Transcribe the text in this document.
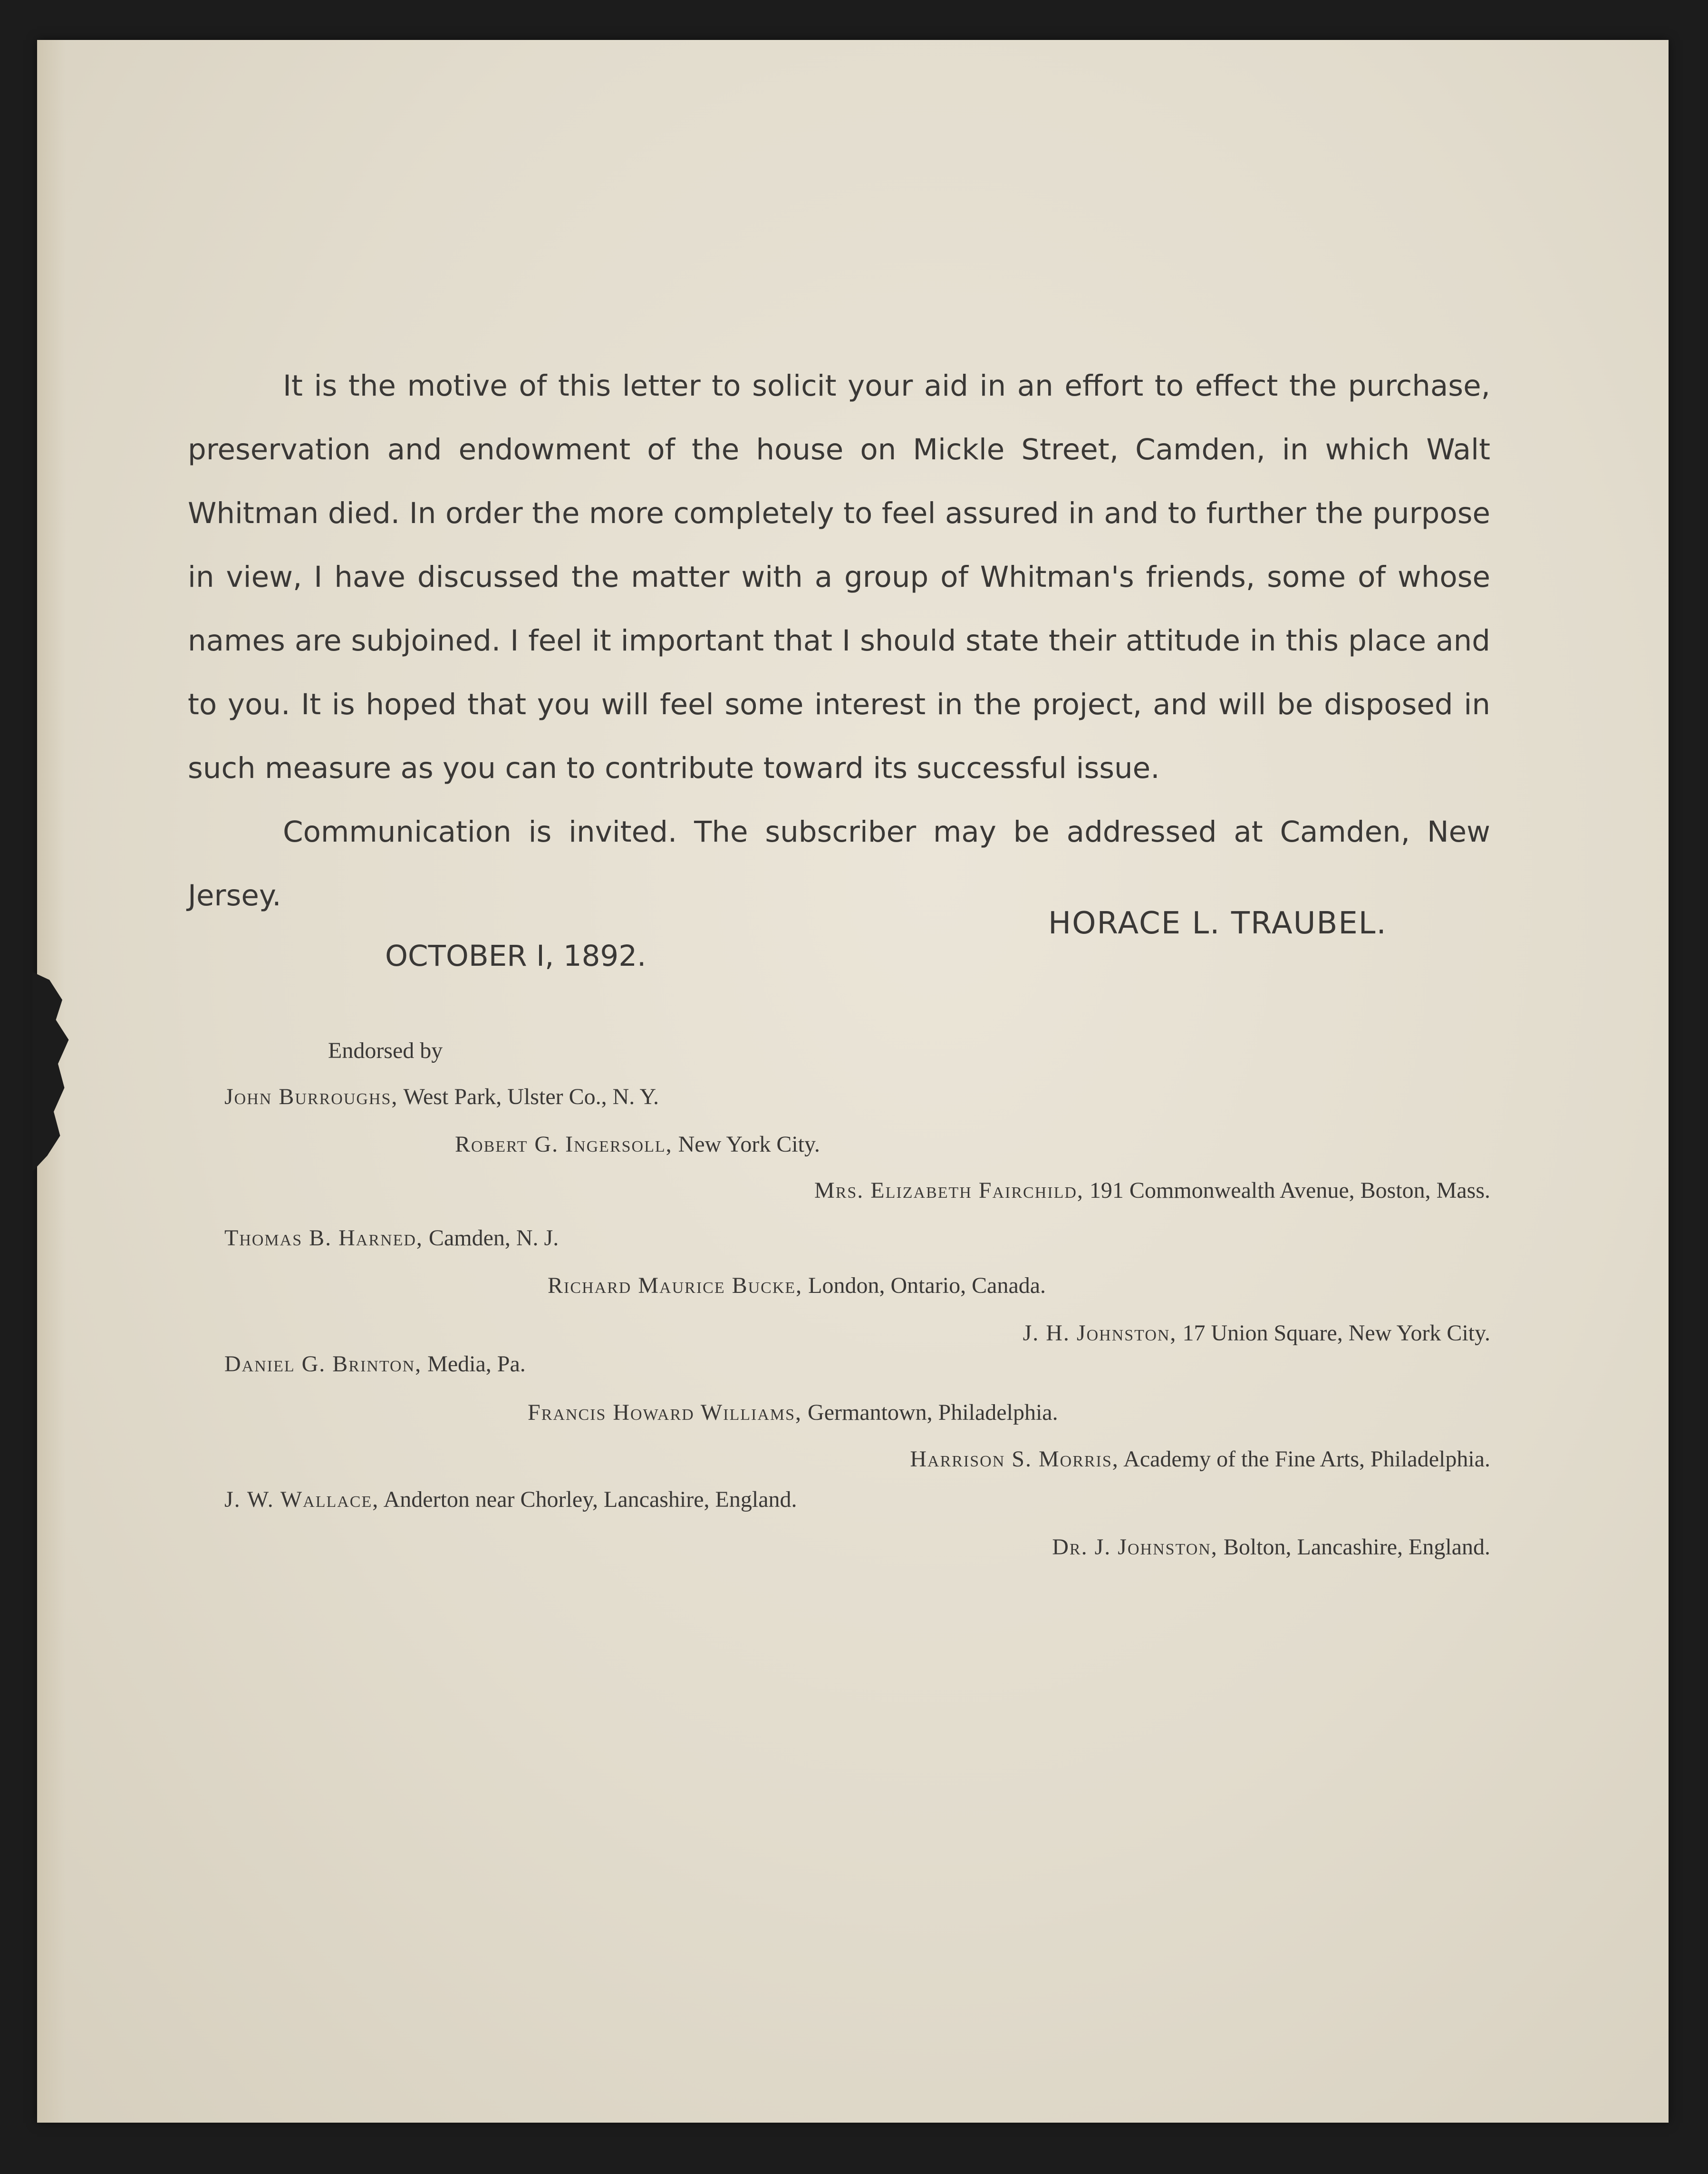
It is the motive of this letter to solicit your aid in an effort to effect the purchase, preservation and endowment of the house on Mickle Street, Camden, in which Walt Whitman died. In order the more completely to feel assured in and to further the purpose in view, I have discussed the matter with a group of Whitman's friends, some of whose names are subjoined. I feel it important that I should state their attitude in this place and to you. It is hoped that you will feel some interest in the project, and will be disposed in such measure as you can to contribute toward its successful issue.

Communication is invited. The subscriber may be addressed at Camden, New Jersey.

HORACE L. TRAUBEL.
OCTOBER I, 1892.
Endorsed by
John Burroughs, West Park, Ulster Co., N. Y.
Robert G. Ingersoll, New York City.
Mrs. Elizabeth Fairchild, 191 Commonwealth Avenue, Boston, Mass.
Thomas B. Harned, Camden, N. J.
Richard Maurice Bucke, London, Ontario, Canada.
J. H. Johnston, 17 Union Square, New York City.
Daniel G. Brinton, Media, Pa.
Francis Howard Williams, Germantown, Philadelphia.
Harrison S. Morris, Academy of the Fine Arts, Philadelphia.
J. W. Wallace, Anderton near Chorley, Lancashire, England.
Dr. J. Johnston, Bolton, Lancashire, England.
